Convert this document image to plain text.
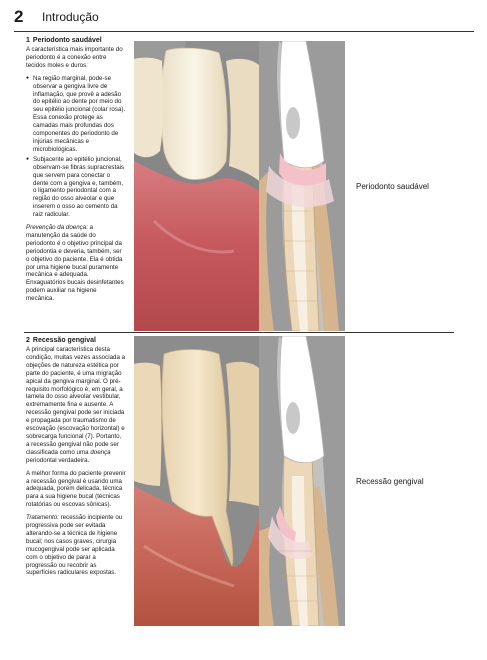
2 Introdução
1 Periodonto saudável

A característica mais importante do periodonto é a conexão entre tecidos moles e duros:

● Na região marginal, pode-se observar a gengiva livre de inflamação, que provê a adesão do epitélio ao dente por meio do seu epitélio juncional (colar rosa). Essa conexão protege as camadas mais profundas dos componentes do periodonto de injúrias mecânicas e microbiológicas.
● Subjacente ao epitélio juncional, observam-se fibras supracrestais que servem para conectar o dente com a gengiva e, também, o ligamento periodontal com a região do osso alveolar e que inserem o osso ao cemento da raiz radicular.

Prevenção da doença: a manutenção da saúde do periodonto é o objetivo principal da periodontia e deveria, também, ser o objetivo do paciente. Ela é obtida por uma higiene bucal puramente mecânica e adequada. Enxaguatórios bucais desinfetantes podem auxiliar na higiene mecânica.

Periodonto saudável
2 Recessão gengival

A principal característica desta condição, muitas vezes associada a objeções de natureza estética por parte do paciente, é uma migração apical da gengiva marginal. O pré-requisito morfológico é, em geral, a lamela do osso alveolar vestibular, extremamente fina e ausente. A recessão gengival pode ser iniciada e propagada por traumatismo de escovação (escovação horizontal) e sobrecarga funcional (7). Portanto, a recessão gengival não pode ser classificada como uma doença periodontal verdadeira.

A melhor forma do paciente prevenir a recessão gengival é usando uma adequada, porém delicada, técnica para a sua higiene bucal (técnicas rotatórias ou escovas sônicas).

Tratamento: recessão incipiente ou progressiva pode ser evitada alterando-se a técnica de higiene bucal; nos casos graves, cirurgia mucogengival pode ser aplicada com o objetivo de parar a progressão ou recobrir as superfícies radiculares expostas.

Recessão gengival
